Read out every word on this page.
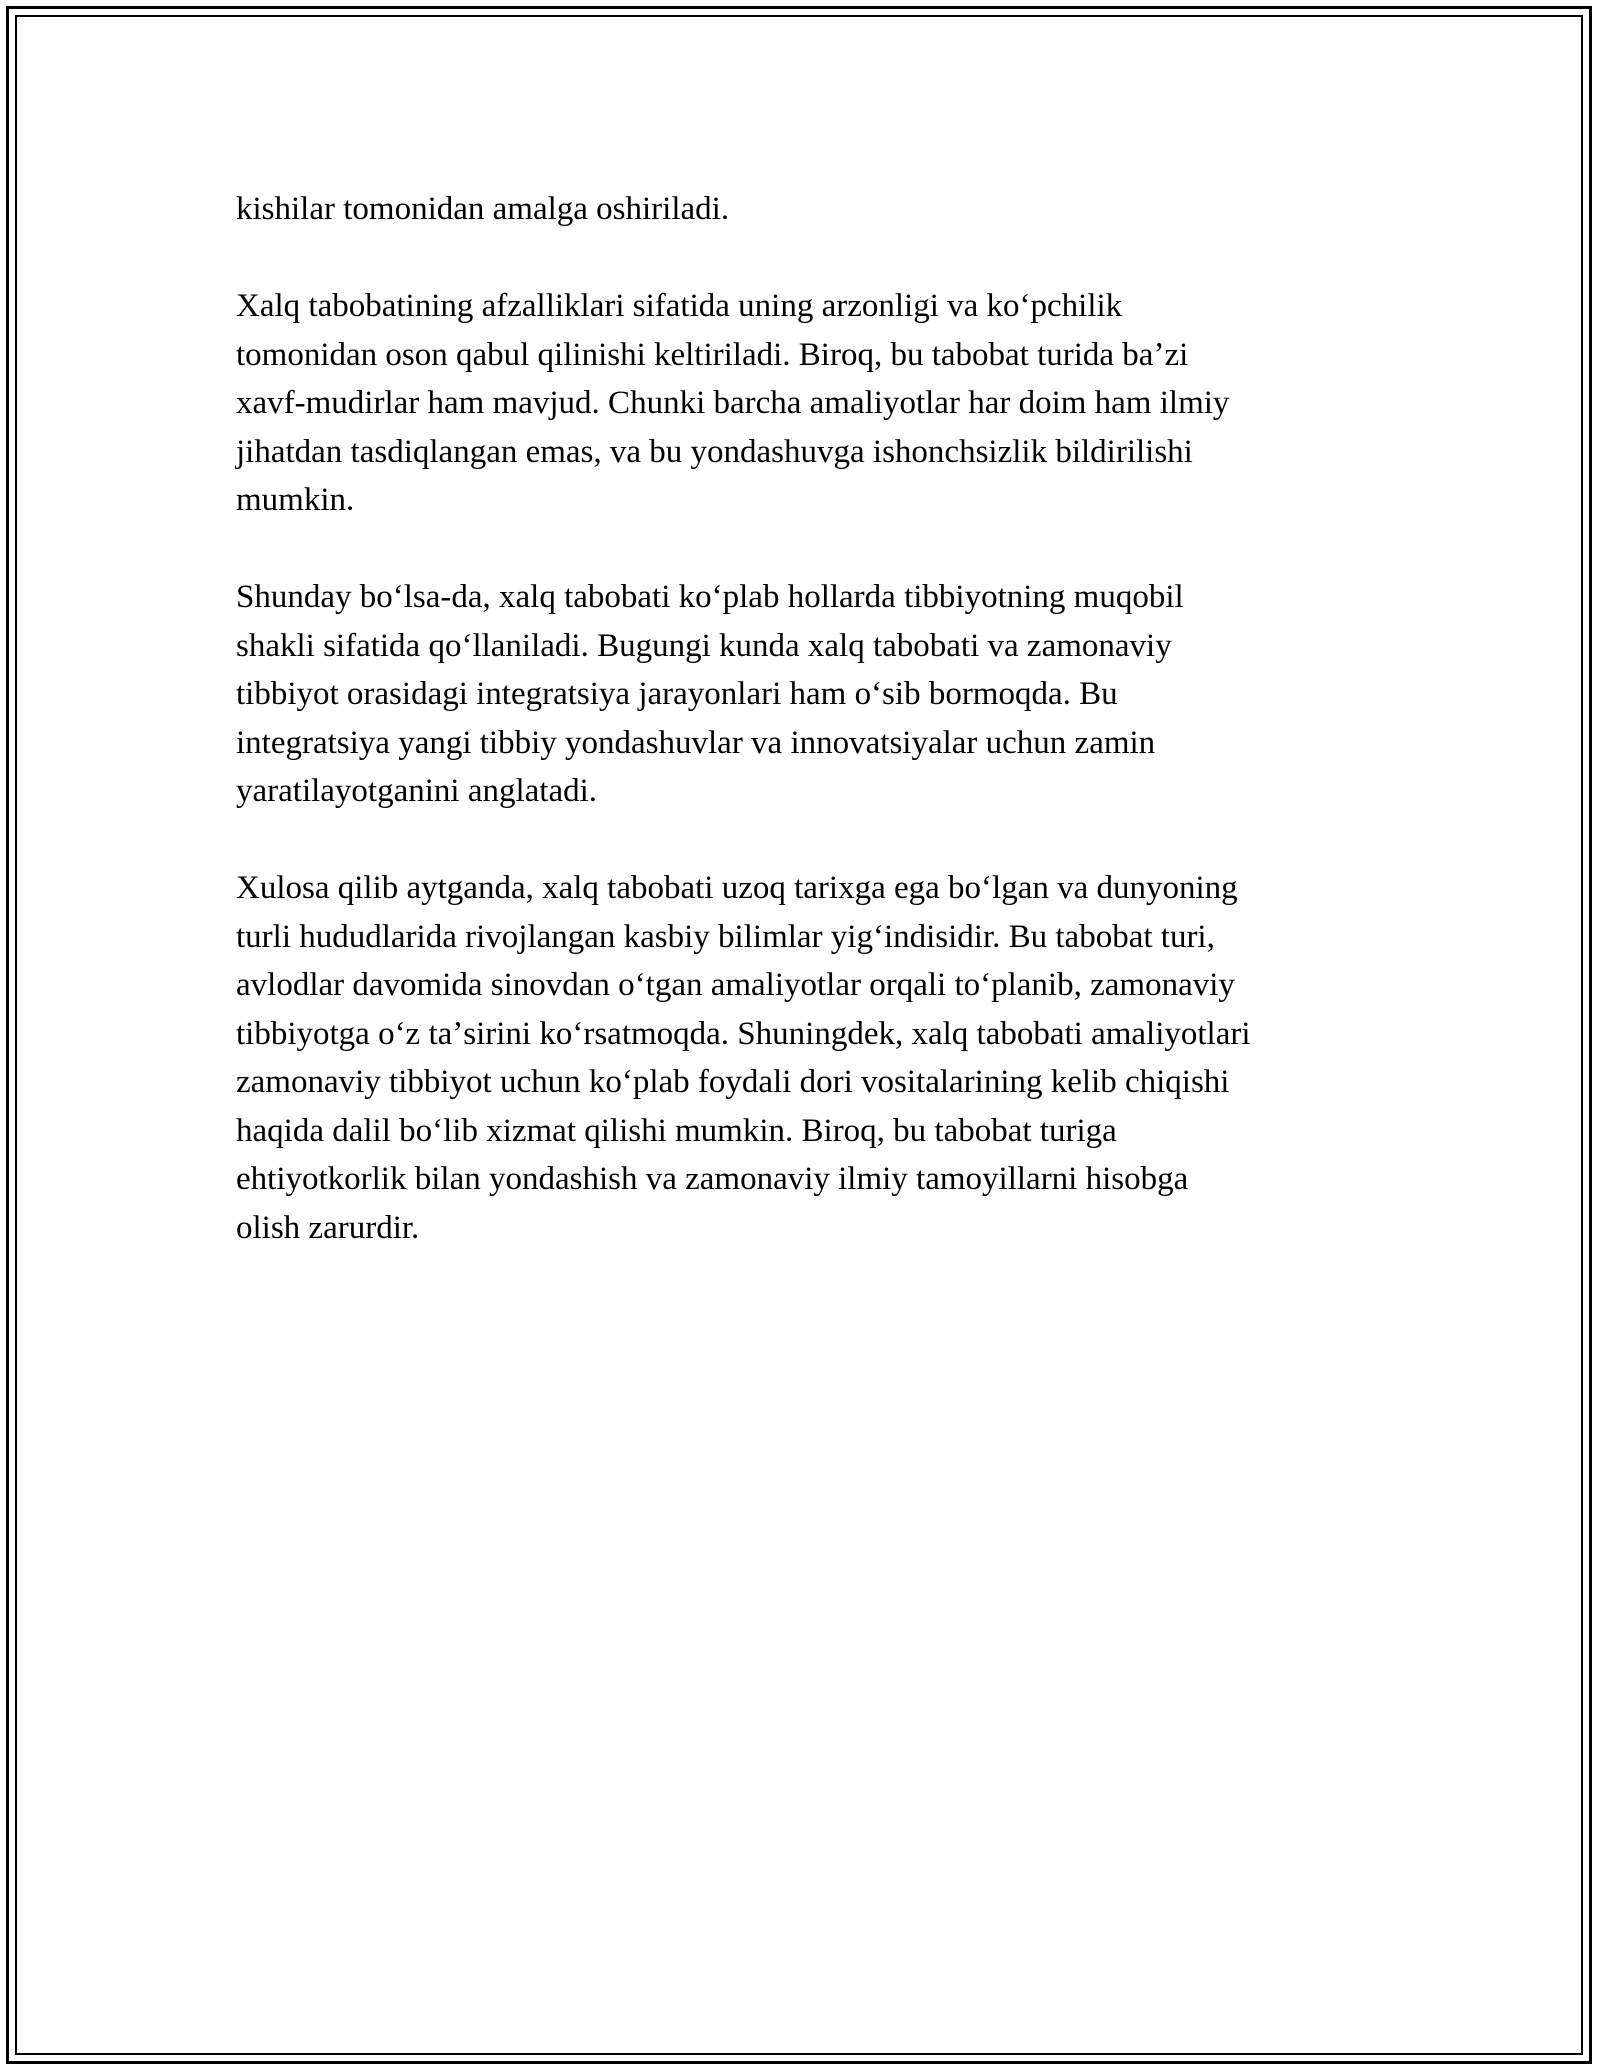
kishilar tomonidan amalga oshiriladi.

Xalq tabobatining afzalliklari sifatida uning arzonligi va koʻpchilik
tomonidan oson qabul qilinishi keltiriladi. Biroq, bu tabobat turida baʼzi
xavf-mudirlar ham mavjud. Chunki barcha amaliyotlar har doim ham ilmiy
jihatdan tasdiqlangan emas, va bu yondashuvga ishonchsizlik bildirilishi
mumkin.

Shunday boʻlsa-da, xalq tabobati koʻplab hollarda tibbiyotning muqobil
shakli sifatida qoʻllaniladi. Bugungi kunda xalq tabobati va zamonaviy
tibbiyot orasidagi integratsiya jarayonlari ham oʻsib bormoqda. Bu
integratsiya yangi tibbiy yondashuvlar va innovatsiyalar uchun zamin
yaratilayotganini anglatadi.

Xulosa qilib aytganda, xalq tabobati uzoq tarixga ega boʻlgan va dunyoning
turli hududlarida rivojlangan kasbiy bilimlar yigʻindisidir. Bu tabobat turi,
avlodlar davomida sinovdan oʻtgan amaliyotlar orqali toʻplanib, zamonaviy
tibbiyotga oʻz taʼsirini koʻrsatmoqda. Shuningdek, xalq tabobati amaliyotlari
zamonaviy tibbiyot uchun koʻplab foydali dori vositalarining kelib chiqishi
haqida dalil boʻlib xizmat qilishi mumkin. Biroq, bu tabobat turiga
ehtiyotkorlik bilan yondashish va zamonaviy ilmiy tamoyillarni hisobga
olish zarurdir.
